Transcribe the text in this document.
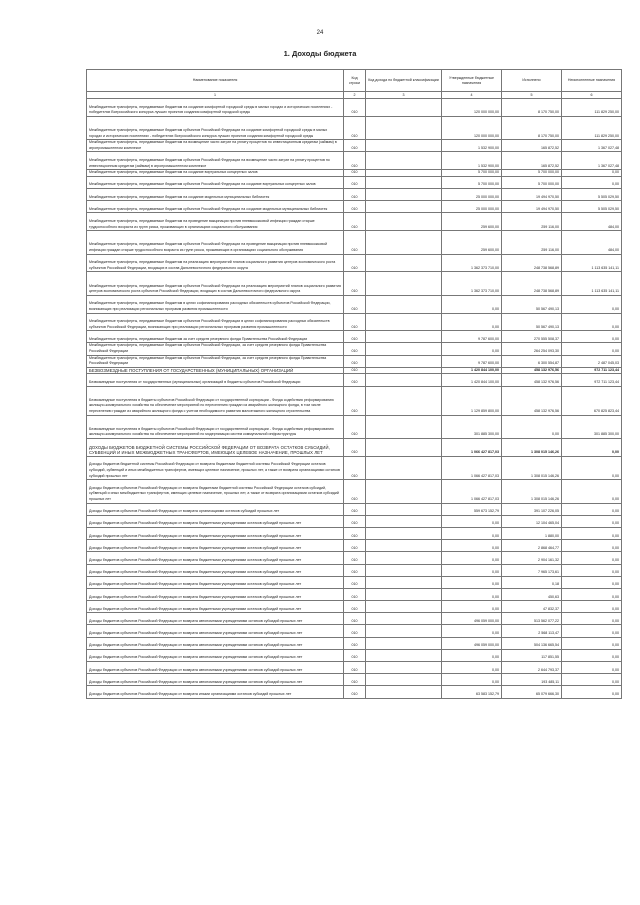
24
1. Доходы бюджета
Наименование показателя	Код строки	Код дохода по бюджетной классификации	Утвержденные бюджетные назначения	Исполнено	Неисполненные назначения
1	2	3	4	5	6
Межбюджетные трансферты, передаваемые бюджетам на создание комфортной городской среды в малых городах и исторических поселениях - победителях Всероссийского конкурса лучших проектов создания комфортной городской среды	010		120 000 000,00	8 170 750,00	111 829 250,00
Межбюджетные трансферты, передаваемые бюджетам субъектов Российской Федерации на создание комфортной городской среды в малых городах и исторических поселениях - победителях Всероссийского конкурса лучших проектов создания комфортной городской среды	010		120 000 000,00	8 170 750,00	111 829 250,00
Межбюджетные трансферты, передаваемые бюджетам на возмещение части затрат на уплату процентов по инвестиционным кредитам (займам) в агропромышленном комплексе	010		1 532 900,00	165 872,52	1 367 027,48
Межбюджетные трансферты, передаваемые бюджетам субъектов Российской Федерации на возмещение части затрат на уплату процентов по инвестиционным кредитам (займам) в агропромышленном комплексе	010		1 532 900,00	165 872,52	1 367 027,48
Межбюджетные трансферты, передаваемые бюджетам на создание виртуальных концертных залов	010		5 700 000,00	5 700 000,00	0,00
Межбюджетные трансферты, передаваемые бюджетам субъектов Российской Федерации на создание виртуальных концертных залов	010		5 700 000,00	5 700 000,00	0,00
Межбюджетные трансферты, передаваемые бюджетам на создание модельных муниципальных библиотек	010		25 000 000,00	19 494 970,50	5 505 029,50
Межбюджетные трансферты, передаваемые бюджетам субъектов Российской Федерации на создание модельных муниципальных библиотек	010		25 000 000,00	19 494 970,50	5 505 029,50
Межбюджетные трансферты, передаваемые бюджетам на проведение вакцинации против пневмококковой инфекции граждан старше трудоспособного возраста из групп риска, проживающих в организациях социального обслуживания	010		259 600,00	259 116,00	484,00
Межбюджетные трансферты, передаваемые бюджетам субъектов Российской Федерации на проведение вакцинации против пневмококковой инфекции граждан старше трудоспособного возраста из групп риска, проживающих в организациях социального обслуживания	010		259 600,00	259 116,00	484,00
Межбюджетные трансферты, передаваемые бюджетам на реализацию мероприятий планов социального развития центров экономического роста субъектов Российской Федерации, входящих в состав Дальневосточного федерального округа	010		1 362 373 710,00	248 738 568,89	1 113 635 141,11
Межбюджетные трансферты, передаваемые бюджетам субъектов Российской Федерации на реализацию мероприятий планов социального развития центров экономического роста субъектов Российской Федерации, входящих в состав Дальневосточного федерального округа	010		1 362 373 710,00	248 738 568,89	1 113 635 141,11
Межбюджетные трансферты, передаваемые бюджетам в целях софинансирования расходных обязательств субъектов Российской Федерации, возникающих при реализации региональных программ развития промышленности	010		0,00	50 567 490,13	0,00
Межбюджетные трансферты, передаваемые бюджетам субъектов Российской Федерации в целях софинансирования расходных обязательств субъектов Российской Федерации, возникающих при реализации региональных программ развития промышленности	010		0,00	50 567 490,13	0,00
Межбюджетные трансферты, передаваемые бюджетам за счет средств резервного фонда Правительства Российской Федерации	010		9 787 600,00	270 555 508,37	0,00
Межбюджетные трансферты, передаваемые бюджетам субъектов Российской Федерации, за счет средств резервного фонда Правительства Российской Федерации	010		0,00	264 254 093,30	0,00
Межбюджетные трансферты, передаваемые бюджетам субъектов Российской Федерации, за счет средств резервного фонда Правительства Российской Федерации	010		9 787 600,00	6 300 554,87	2 487 045,03
БЕЗВОЗМЕЗДНЫЕ ПОСТУПЛЕНИЯ ОТ ГОСУДАРСТВЕННЫХ (МУНИЦИПАЛЬНЫХ) ОРГАНИЗАЦИЙ	010		1 420 844 100,00	458 132 976,56	972 711 123,44
Безвозмездные поступления от государственных (муниципальных) организаций в бюджеты субъектов Российской Федерации	010		1 420 844 100,00	458 132 976,56	972 711 123,44
Безвозмездные поступления в бюджеты субъектов Российской Федерации от государственной корпорации - Фонда содействия реформированию жилищно-коммунального хозяйства на обеспечение мероприятий по переселению граждан из аварийного жилищного фонда, в том числе переселению граждан из аварийного жилищного фонда с учетом необходимости развития малоэтажного жилищного строительства	010		1 129 859 800,00	458 132 976,56	670 825 823,44
Безвозмездные поступления в бюджеты субъектов Российской Федерации от государственной корпорации - Фонда содействия реформированию жилищно-коммунального хозяйства на обеспечение мероприятий по модернизации систем коммунальной инфраструктуры	010		301 885 300,00	0,00	301 885 300,00
ДОХОДЫ БЮДЖЕТОВ БЮДЖЕТНОЙ СИСТЕМЫ РОССИЙСКОЙ ФЕДЕРАЦИИ ОТ ВОЗВРАТА ОСТАТКОВ СУБСИДИЙ, СУБВЕНЦИЙ И ИНЫХ МЕЖБЮДЖЕТНЫХ ТРАНСФЕРТОВ, ИМЕЮЩИХ ЦЕЛЕВОЕ НАЗНАЧЕНИЕ, ПРОШЛЫХ ЛЕТ	010		1 066 427 817,03	1 308 015 146,26	0,00
Доходы бюджетов бюджетной системы Российской Федерации от возврата бюджетами бюджетной системы Российской Федерации остатков субсидий, субвенций и иных межбюджетных трансфертов, имеющих целевое назначение, прошлых лет, а также от возврата организациями остатков субсидий прошлых лет	010		1 066 427 817,03	1 308 015 146,26	0,00
Доходы бюджетов субъектов Российской Федерации от возврата бюджетами бюджетной системы Российской Федерации остатков субсидий, субвенций и иных межбюджетных трансфертов, имеющих целевое назначение, прошлых лет, а также от возврата организациями остатков субсидий прошлых лет	010		1 066 427 817,03	1 308 015 146,26	0,00
Доходы бюджетов субъектов Российской Федерации от возврата организациями остатков субсидий прошлых лет	010		559 673 152,79	391 107 226,05	0,00
Доходы бюджетов субъектов Российской Федерации от возврата бюджетными учреждениями остатков субсидий прошлых лет	010		0,00	12 104 465,04	0,00
Доходы бюджетов субъектов Российской Федерации от возврата бюджетными учреждениями остатков субсидий прошлых лет	010		0,00	1 880,00	0,00
Доходы бюджетов субъектов Российской Федерации от возврата бюджетными учреждениями остатков субсидий прошлых лет	010		0,00	2 868 464,77	0,00
Доходы бюджетов субъектов Российской Федерации от возврата бюджетными учреждениями остатков субсидий прошлых лет	010		0,00	2 904 161,32	0,00
Доходы бюджетов субъектов Российской Федерации от возврата бюджетными учреждениями остатков субсидий прошлых лет	010		0,00	7 965 173,61	0,00
Доходы бюджетов субъектов Российской Федерации от возврата бюджетными учреждениями остатков субсидий прошлых лет	010		0,00	0,18	0,00
Доходы бюджетов субъектов Российской Федерации от возврата бюджетными учреждениями остатков субсидий прошлых лет	010		0,00	450,63	0,00
Доходы бюджетов субъектов Российской Федерации от возврата бюджетными учреждениями остатков субсидий прошлых лет	010		0,00	47 832,37	0,00
Доходы бюджетов субъектов Российской Федерации от возврата автономными учреждениями остатков субсидий прошлых лет	010		496 059 000,00	513 562 077,22	0,00
Доходы бюджетов субъектов Российской Федерации от возврата автономными учреждениями остатков субсидий прошлых лет	010		0,00	2 568 113,47	0,00
Доходы бюджетов субъектов Российской Федерации от возврата автономными учреждениями остатков субсидий прошлых лет	010		496 059 000,00	504 136 665,54	0,00
Доходы бюджетов субъектов Российской Федерации от возврата автономными учреждениями остатков субсидий прошлых лет	010		0,00	117 851,55	0,00
Доходы бюджетов субъектов Российской Федерации от возврата автономными учреждениями остатков субсидий прошлых лет	010		0,00	2 644 793,37	0,00
Доходы бюджетов субъектов Российской Федерации от возврата автономными учреждениями остатков субсидий прошлых лет	010		0,00	193 485,11	0,00
Доходы бюджетов субъектов Российской Федерации от возврата иными организациями остатков субсидий прошлых лет	010		63 583 152,79	65 079 666,30	0,00
